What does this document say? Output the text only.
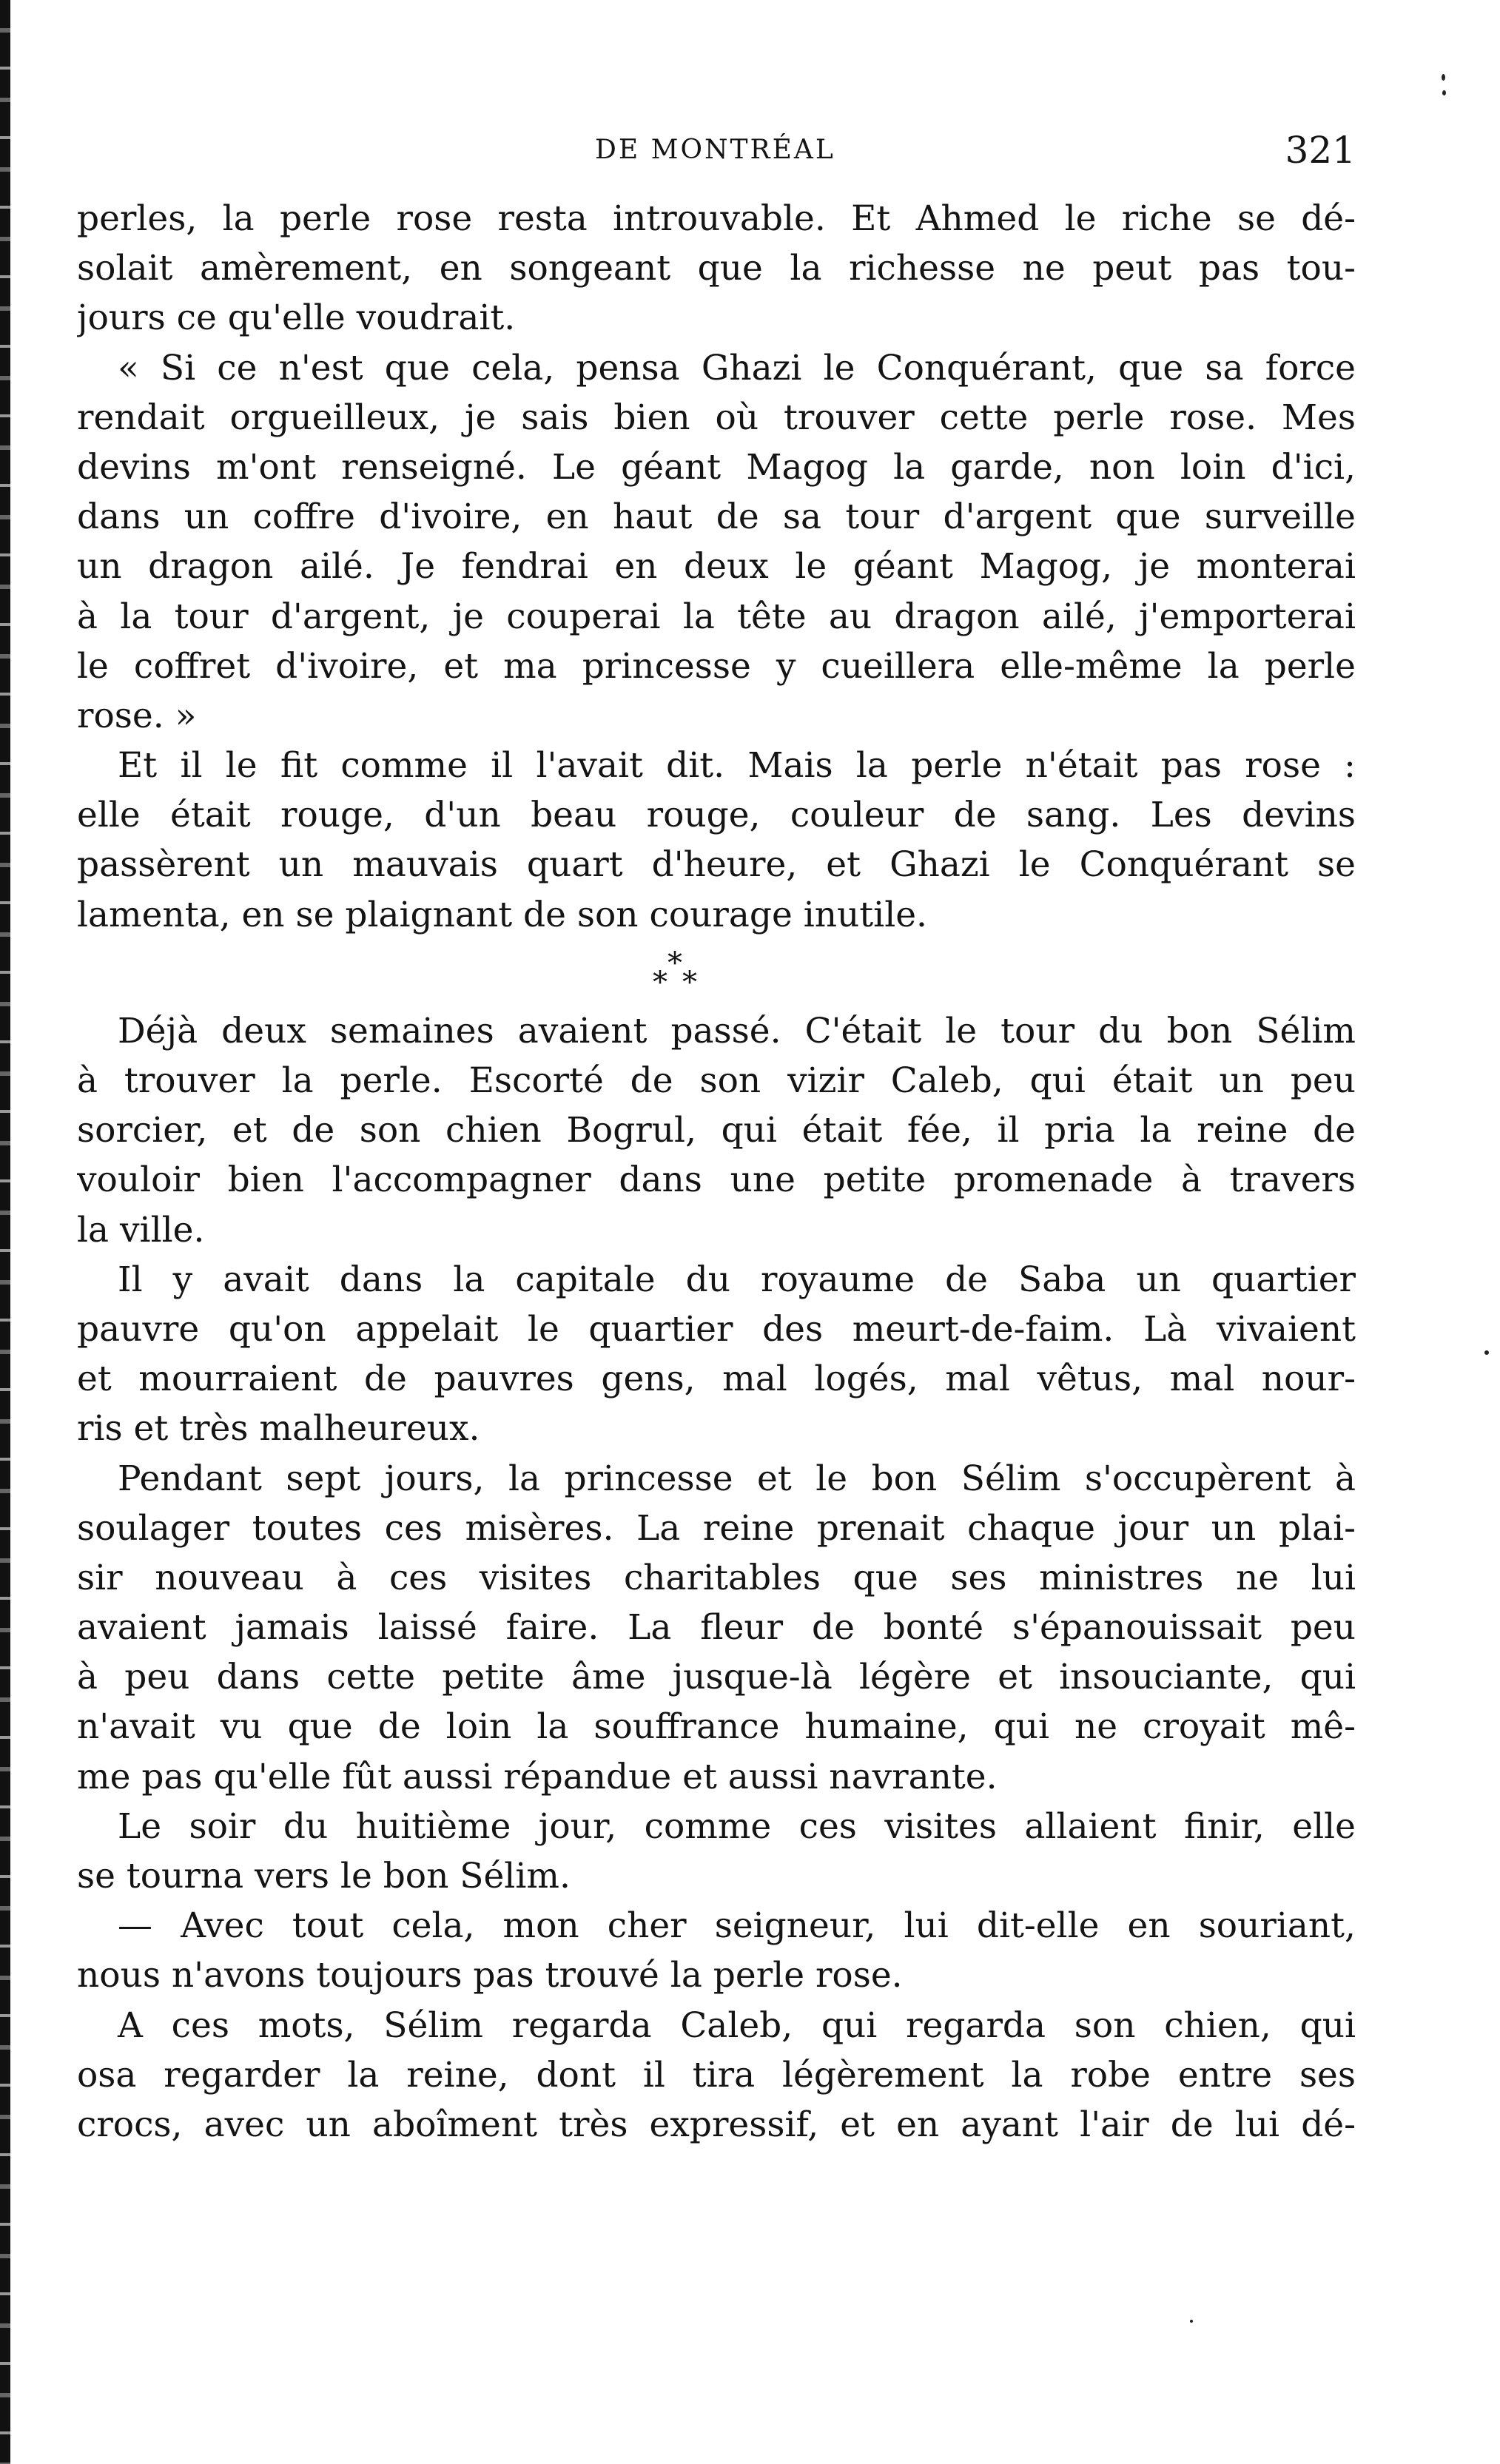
DE MONTRÉAL	321
perles, la perle rose resta introuvable. Et Ahmed le riche se dé-
solait amèrement, en songeant que la richesse ne peut pas tou-
jours ce qu'elle voudrait.
« Si ce n'est que cela, pensa Ghazi le Conquérant, que sa force
rendait orgueilleux, je sais bien où trouver cette perle rose. Mes
devins m'ont renseigné. Le géant Magog la garde, non loin d'ici,
dans un coffre d'ivoire, en haut de sa tour d'argent que surveille
un dragon ailé. Je fendrai en deux le géant Magog, je monterai
à la tour d'argent, je couperai la tête au dragon ailé, j'emporterai
le coffret d'ivoire, et ma princesse y cueillera elle-même la perle
rose. »
Et il le fit comme il l'avait dit. Mais la perle n'était pas rose :
elle était rouge, d'un beau rouge, couleur de sang. Les devins
passèrent un mauvais quart d'heure, et Ghazi le Conquérant se
lamenta, en se plaignant de son courage inutile.
*
* *
Déjà deux semaines avaient passé. C'était le tour du bon Sélim
à trouver la perle. Escorté de son vizir Caleb, qui était un peu
sorcier, et de son chien Bogrul, qui était fée, il pria la reine de
vouloir bien l'accompagner dans une petite promenade à travers
la ville.
Il y avait dans la capitale du royaume de Saba un quartier
pauvre qu'on appelait le quartier des meurt-de-faim. Là vivaient
et mourraient de pauvres gens, mal logés, mal vêtus, mal nour-
ris et très malheureux.
Pendant sept jours, la princesse et le bon Sélim s'occupèrent à
soulager toutes ces misères. La reine prenait chaque jour un plai-
sir nouveau à ces visites charitables que ses ministres ne lui
avaient jamais laissé faire. La fleur de bonté s'épanouissait peu
à peu dans cette petite âme jusque-là légère et insouciante, qui
n'avait vu que de loin la souffrance humaine, qui ne croyait mê-
me pas qu'elle fût aussi répandue et aussi navrante.
Le soir du huitième jour, comme ces visites allaient finir, elle
se tourna vers le bon Sélim.
— Avec tout cela, mon cher seigneur, lui dit-elle en souriant,
nous n'avons toujours pas trouvé la perle rose.
A ces mots, Sélim regarda Caleb, qui regarda son chien, qui
osa regarder la reine, dont il tira légèrement la robe entre ses
crocs, avec un aboîment très expressif, et en ayant l'air de lui dé-
